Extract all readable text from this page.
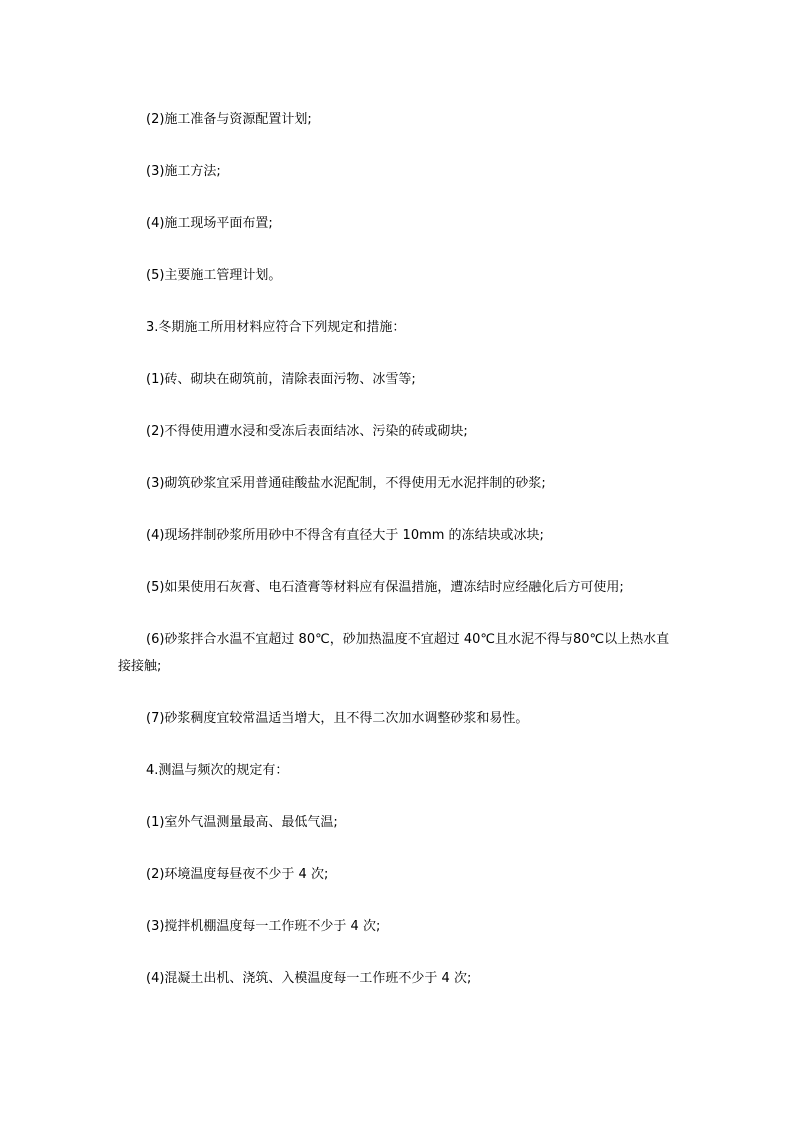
(2)施工准备与资源配置计划;

(3)施工方法;

(4)施工现场平面布置;

(5)主要施工管理计划。

3.冬期施工所用材料应符合下列规定和措施：

(1)砖、砌块在砌筑前，清除表面污物、冰雪等;

(2)不得使用遭水浸和受冻后表面结冰、污染的砖或砌块;

(3)砌筑砂浆宜采用普通硅酸盐水泥配制，不得使用无水泥拌制的砂浆;

(4)现场拌制砂浆所用砂中不得含有直径大于 10mm 的冻结块或冰块;

(5)如果使用石灰膏、电石渣膏等材料应有保温措施，遭冻结时应经融化后方可使用;

(6)砂浆拌合水温不宜超过 80℃，砂加热温度不宜超过 40℃且水泥不得与80℃以上热水直接接触;

(7)砂浆稠度宜较常温适当增大，且不得二次加水调整砂浆和易性。

4.测温与频次的规定有：

(1)室外气温测量最高、最低气温;

(2)环境温度每昼夜不少于 4 次;

(3)搅拌机棚温度每一工作班不少于 4 次;

(4)混凝土出机、浇筑、入模温度每一工作班不少于 4 次;
